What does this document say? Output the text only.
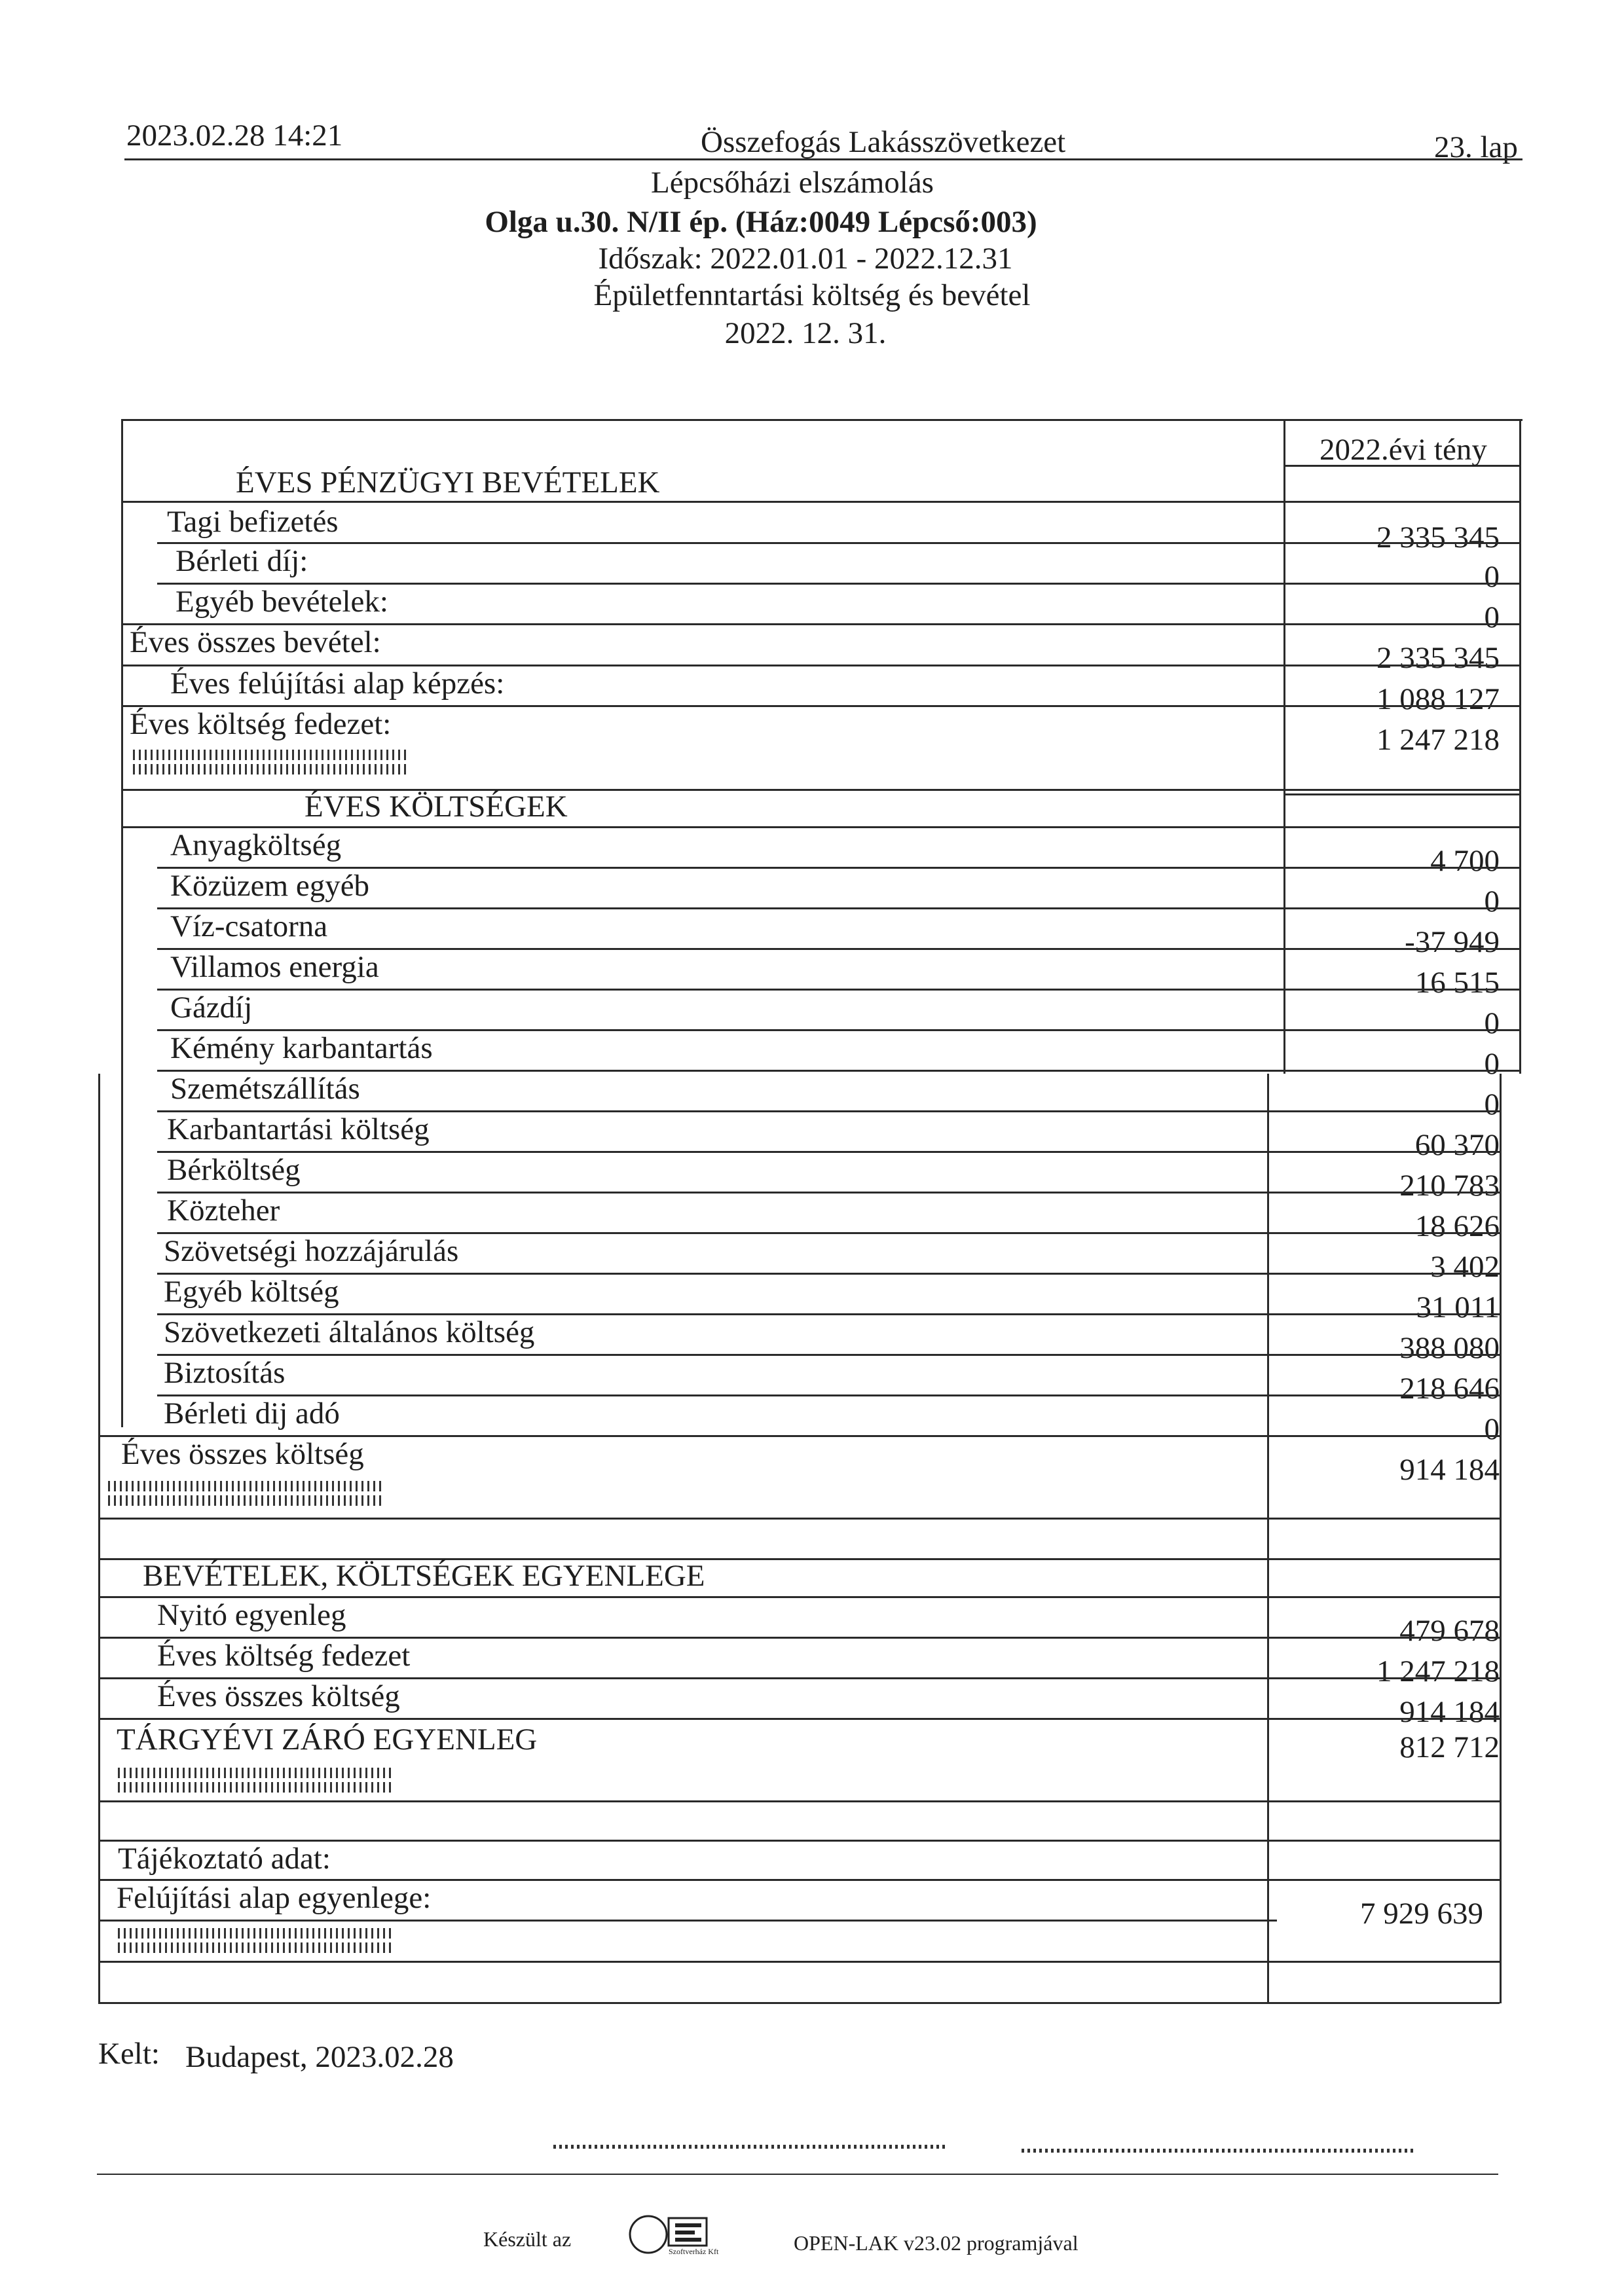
2023.02.28 14:21	Összefogás Lakásszövetkezet	23. lap
Lépcsőházi elszámolás
Olga u.30. N/II ép. (Ház:0049 Lépcső:003)
Időszak: 2022.01.01 - 2022.12.31
Épületfenntartási költség és bevétel
2022. 12. 31.
2022.évi tény
ÉVES PÉNZÜGYI BEVÉTELEK
Tagi befizetés	2 335 345
Bérleti díj:	0
Egyéb bevételek:	0
Éves összes bevétel:	2 335 345
Éves felújítási alap képzés:	1 088 127
Éves költség fedezet:	1 247 218
ÉVES KÖLTSÉGEK
Anyagköltség	4 700
Közüzem egyéb	0
Víz-csatorna	-37 949
Villamos energia	16 515
Gázdíj	0
Kémény karbantartás	0
Szemétszállítás	0
Karbantartási költség	60 370
Bérköltség	210 783
Közteher	18 626
Szövetségi hozzájárulás	3 402
Egyéb költség	31 011
Szövetkezeti általános költség	388 080
Biztosítás	218 646
Bérleti dij adó	0
Éves összes költség	914 184
BEVÉTELEK, KÖLTSÉGEK EGYENLEGE
Nyitó egyenleg	479 678
Éves költség fedezet	1 247 218
Éves összes költség	914 184
TÁRGYÉVI ZÁRÓ EGYENLEG	812 712
Tájékoztató adat:
Felújítási alap egyenlege:	7 929 639
Kelt: Budapest, 2023.02.28
Készült az
Szoftverház Kft	OPEN-LAK v23.02 programjával
